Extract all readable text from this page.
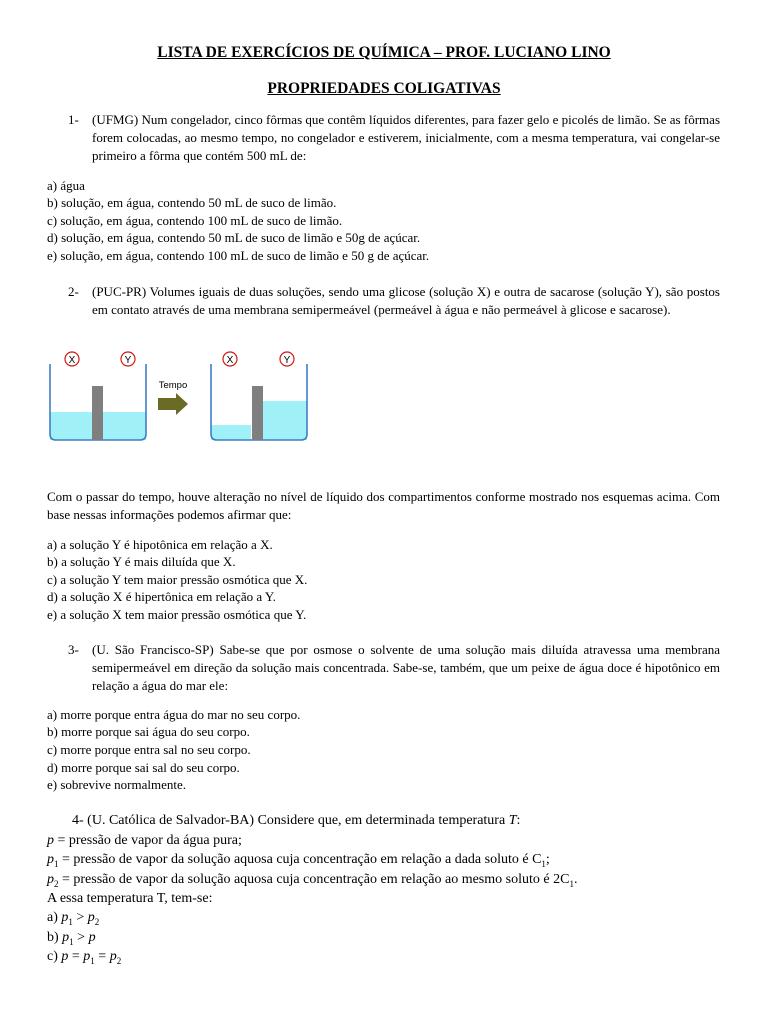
LISTA DE EXERCÍCIOS DE QUÍMICA – PROF. LUCIANO LINO
PROPRIEDADES COLIGATIVAS
1- (UFMG) Num congelador, cinco fôrmas que contêm líquidos diferentes, para fazer gelo e picolés de limão. Se as fôrmas forem colocadas, ao mesmo tempo, no congelador e estiverem, inicialmente, com a mesma temperatura, vai congelar-se primeiro a fôrma que contém 500 mL de:
a) água
b) solução, em água, contendo 50 mL de suco de limão.
c) solução, em água, contendo 100 mL de suco de limão.
d) solução, em água, contendo 50 mL de suco de limão e 50g de açúcar.
e) solução, em água, contendo 100 mL de suco de limão e 50 g de açúcar.
2- (PUC-PR) Volumes iguais de duas soluções, sendo uma glicose (solução X) e outra de sacarose (solução Y), são postos em contato através de uma membrana semipermeável (permeável à água e não permeável à glicose e sacarose).
X	Y
Tempo
X	Y
Com o passar do tempo, houve alteração no nível de líquido dos compartimentos conforme mostrado nos esquemas acima. Com base nessas informações podemos afirmar que:
a) a solução Y é hipotônica em relação a X.
b) a solução Y é mais diluída que X.
c) a solução Y tem maior pressão osmótica que X.
d) a solução X é hipertônica em relação a Y.
e) a solução X tem maior pressão osmótica que Y.
3- (U. São Francisco-SP) Sabe-se que por osmose o solvente de uma solução mais diluída atravessa uma membrana semipermeável em direção da solução mais concentrada. Sabe-se, também, que um peixe de água doce é hipotônico em relação a água do mar ele:
a) morre porque entra água do mar no seu corpo.
b) morre porque sai água do seu corpo.
c) morre porque entra sal no seu corpo.
d) morre porque sai sal do seu corpo.
e) sobrevive normalmente.
4- (U. Católica de Salvador-BA) Considere que, em determinada temperatura T:
p = pressão de vapor da água pura;
$p_1$ = pressão de vapor da solução aquosa cuja concentração em relação a dada soluto é $C_1$;
$p_2$ = pressão de vapor da solução aquosa cuja concentração em relação ao mesmo soluto é $2C_1$.
A essa temperatura T, tem-se:
a) $p_1 > p_2$
b) $p_1 > p$
c) $p = p_1 = p_2$
